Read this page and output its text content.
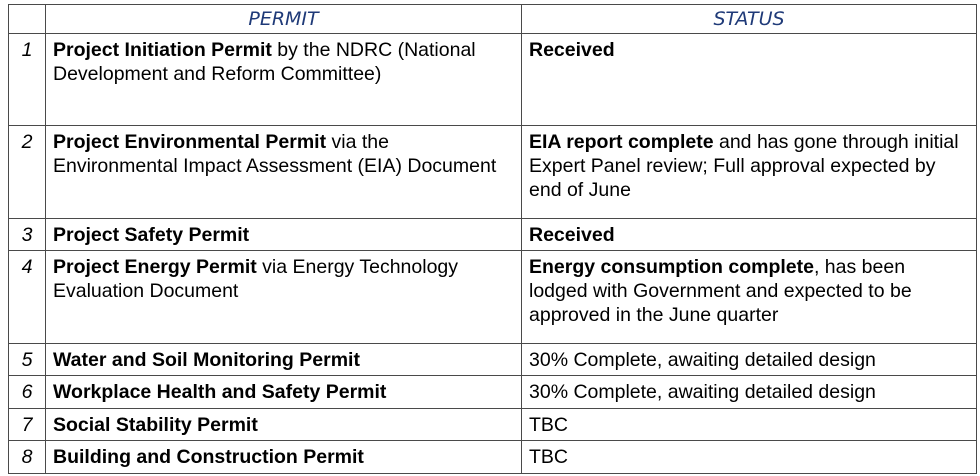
	PERMIT	STATUS
1	Project Initiation Permit by the NDRC (National Development and Reform Committee)	Received
2	Project Environmental Permit via the Environmental Impact Assessment (EIA) Document	EIA report complete and has gone through initial Expert Panel review; Full approval expected by end of June
3	Project Safety Permit	Received
4	Project Energy Permit via Energy Technology Evaluation Document	Energy consumption complete, has been lodged with Government and expected to be approved in the June quarter
5	Water and Soil Monitoring Permit	30% Complete, awaiting detailed design
6	Workplace Health and Safety Permit	30% Complete, awaiting detailed design
7	Social Stability Permit	TBC
8	Building and Construction Permit	TBC
